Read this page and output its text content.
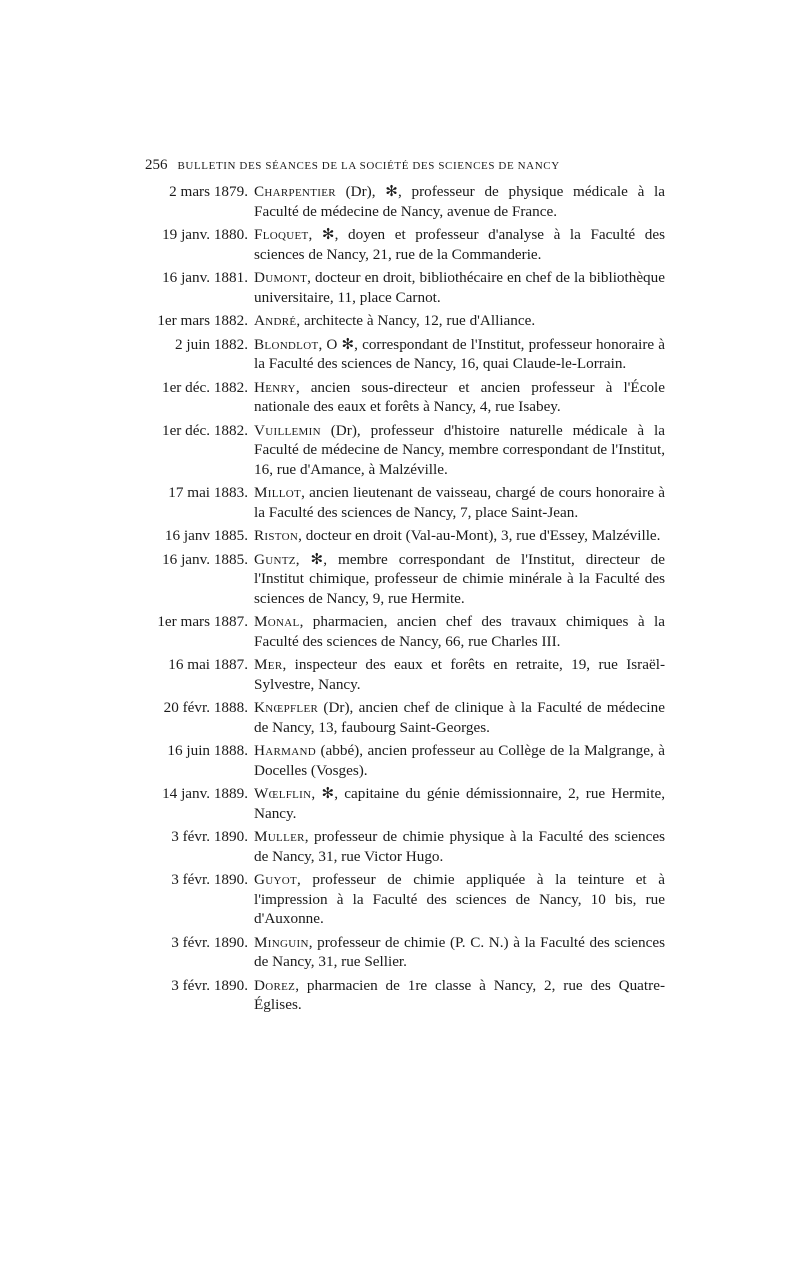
256 BULLETIN DES SÉANCES DE LA SOCIÉTÉ DES SCIENCES DE NANCY
2 mars 1879. Charpentier (Dr), ✻, professeur de physique médicale à la Faculté de médecine de Nancy, avenue de France.
19 janv. 1880. Floquet, ✻, doyen et professeur d'analyse à la Faculté des sciences de Nancy, 21, rue de la Commanderie.
16 janv. 1881. Dumont, docteur en droit, bibliothécaire en chef de la bibliothèque universitaire, 11, place Carnot.
1er mars 1882. André, architecte à Nancy, 12, rue d'Alliance.
2 juin 1882. Blondlot, O ✻, correspondant de l'Institut, professeur honoraire à la Faculté des sciences de Nancy, 16, quai Claude-le-Lorrain.
1er déc. 1882. Henry, ancien sous-directeur et ancien professeur à l'École nationale des eaux et forêts à Nancy, 4, rue Isabey.
1er déc. 1882. Vuillemin (Dr), professeur d'histoire naturelle médicale à la Faculté de médecine de Nancy, membre correspondant de l'Institut, 16, rue d'Amance, à Malzéville.
17 mai 1883. Millot, ancien lieutenant de vaisseau, chargé de cours honoraire à la Faculté des sciences de Nancy, 7, place Saint-Jean.
16 janv 1885. Riston, docteur en droit (Val-au-Mont), 3, rue d'Essey, Malzéville.
16 janv. 1885. Guntz, ✻, membre correspondant de l'Institut, directeur de l'Institut chimique, professeur de chimie minérale à la Faculté des sciences de Nancy, 9, rue Hermite.
1er mars 1887. Monal, pharmacien, ancien chef des travaux chimiques à la Faculté des sciences de Nancy, 66, rue Charles III.
16 mai 1887. Mer, inspecteur des eaux et forêts en retraite, 19, rue Israël-Sylvestre, Nancy.
20 févr. 1888. Knœpfler (Dr), ancien chef de clinique à la Faculté de médecine de Nancy, 13, faubourg Saint-Georges.
16 juin 1888. Harmand (abbé), ancien professeur au Collège de la Malgrange, à Docelles (Vosges).
14 janv. 1889. Wœlflin, ✻, capitaine du génie démissionnaire, 2, rue Hermite, Nancy.
3 févr. 1890. Muller, professeur de chimie physique à la Faculté des sciences de Nancy, 31, rue Victor Hugo.
3 févr. 1890. Guyot, professeur de chimie appliquée à la teinture et à l'impression à la Faculté des sciences de Nancy, 10 bis, rue d'Auxonne.
3 févr. 1890. Minguin, professeur de chimie (P. C. N.) à la Faculté des sciences de Nancy, 31, rue Sellier.
3 févr. 1890. Dorez, pharmacien de 1re classe à Nancy, 2, rue des Quatre-Églises.
